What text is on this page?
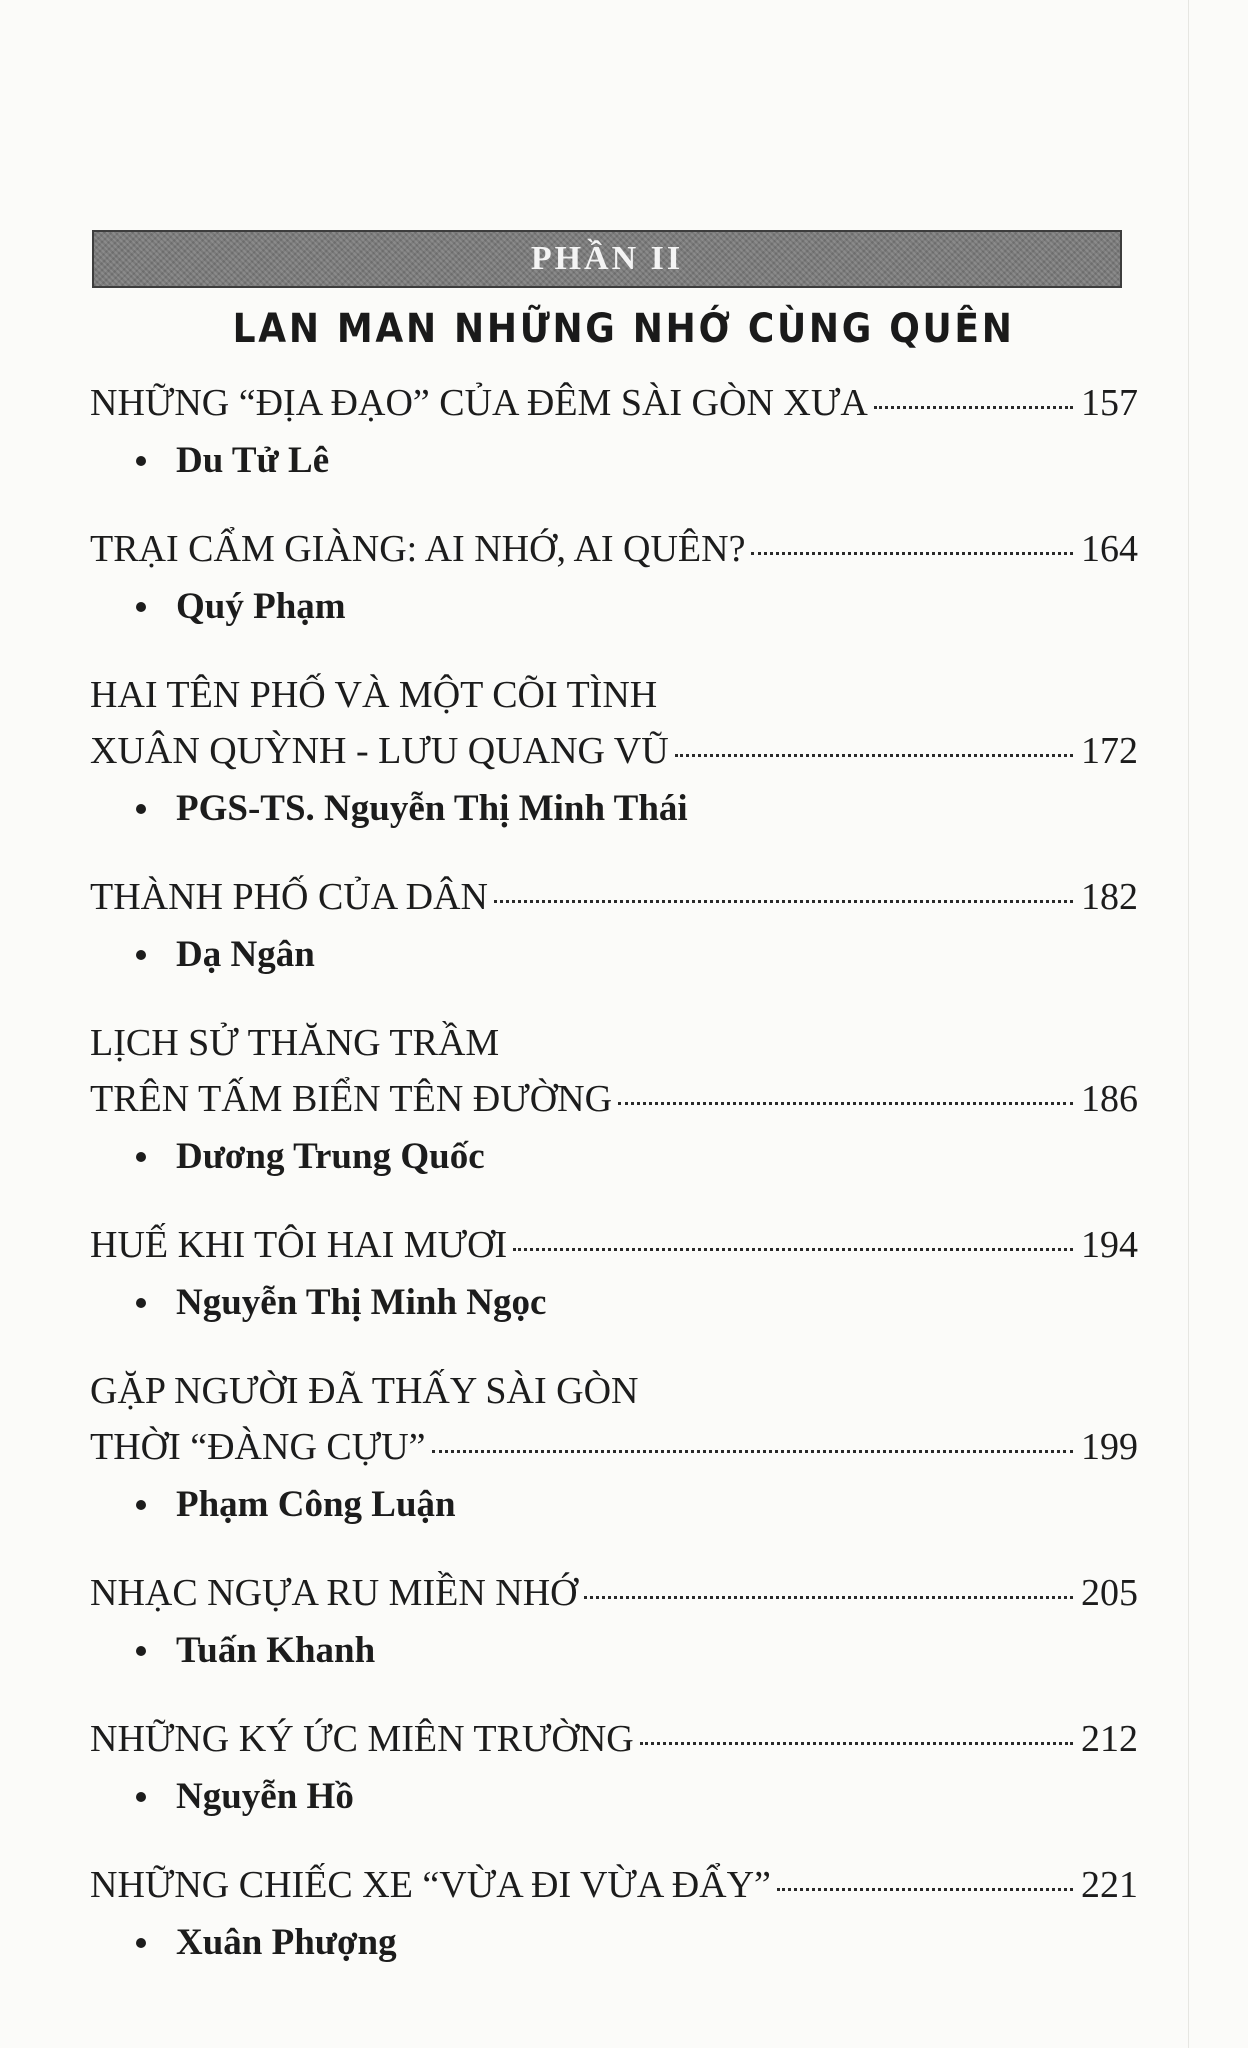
PHẦN II
LAN MAN NHỮNG NHỚ CÙNG QUÊN
NHỮNG “ĐỊA ĐẠO” CỦA ĐÊM SÀI GÒN XƯA	157
Du Tử Lê
TRẠI CẨM GIÀNG: AI NHỚ, AI QUÊN?	164
Quý Phạm
HAI TÊN PHỐ VÀ MỘT CÕI TÌNH
XUÂN QUỲNH - LƯU QUANG VŨ	172
PGS-TS. Nguyễn Thị Minh Thái
THÀNH PHỐ CỦA DÂN	182
Dạ Ngân
LỊCH SỬ THĂNG TRẦM
TRÊN TẤM BIỂN TÊN ĐƯỜNG	186
Dương Trung Quốc
HUẾ KHI TÔI HAI MƯƠI	194
Nguyễn Thị Minh Ngọc
GẶP NGƯỜI ĐÃ THẤY SÀI GÒN
THỜI “ĐÀNG CỰU”	199
Phạm Công Luận
NHẠC NGỰA RU MIỀN NHỚ	205
Tuấn Khanh
NHỮNG KÝ ỨC MIÊN TRƯỜNG	212
Nguyễn Hồ
NHỮNG CHIẾC XE “VỪA ĐI VỪA ĐẨY”	221
Xuân Phượng
